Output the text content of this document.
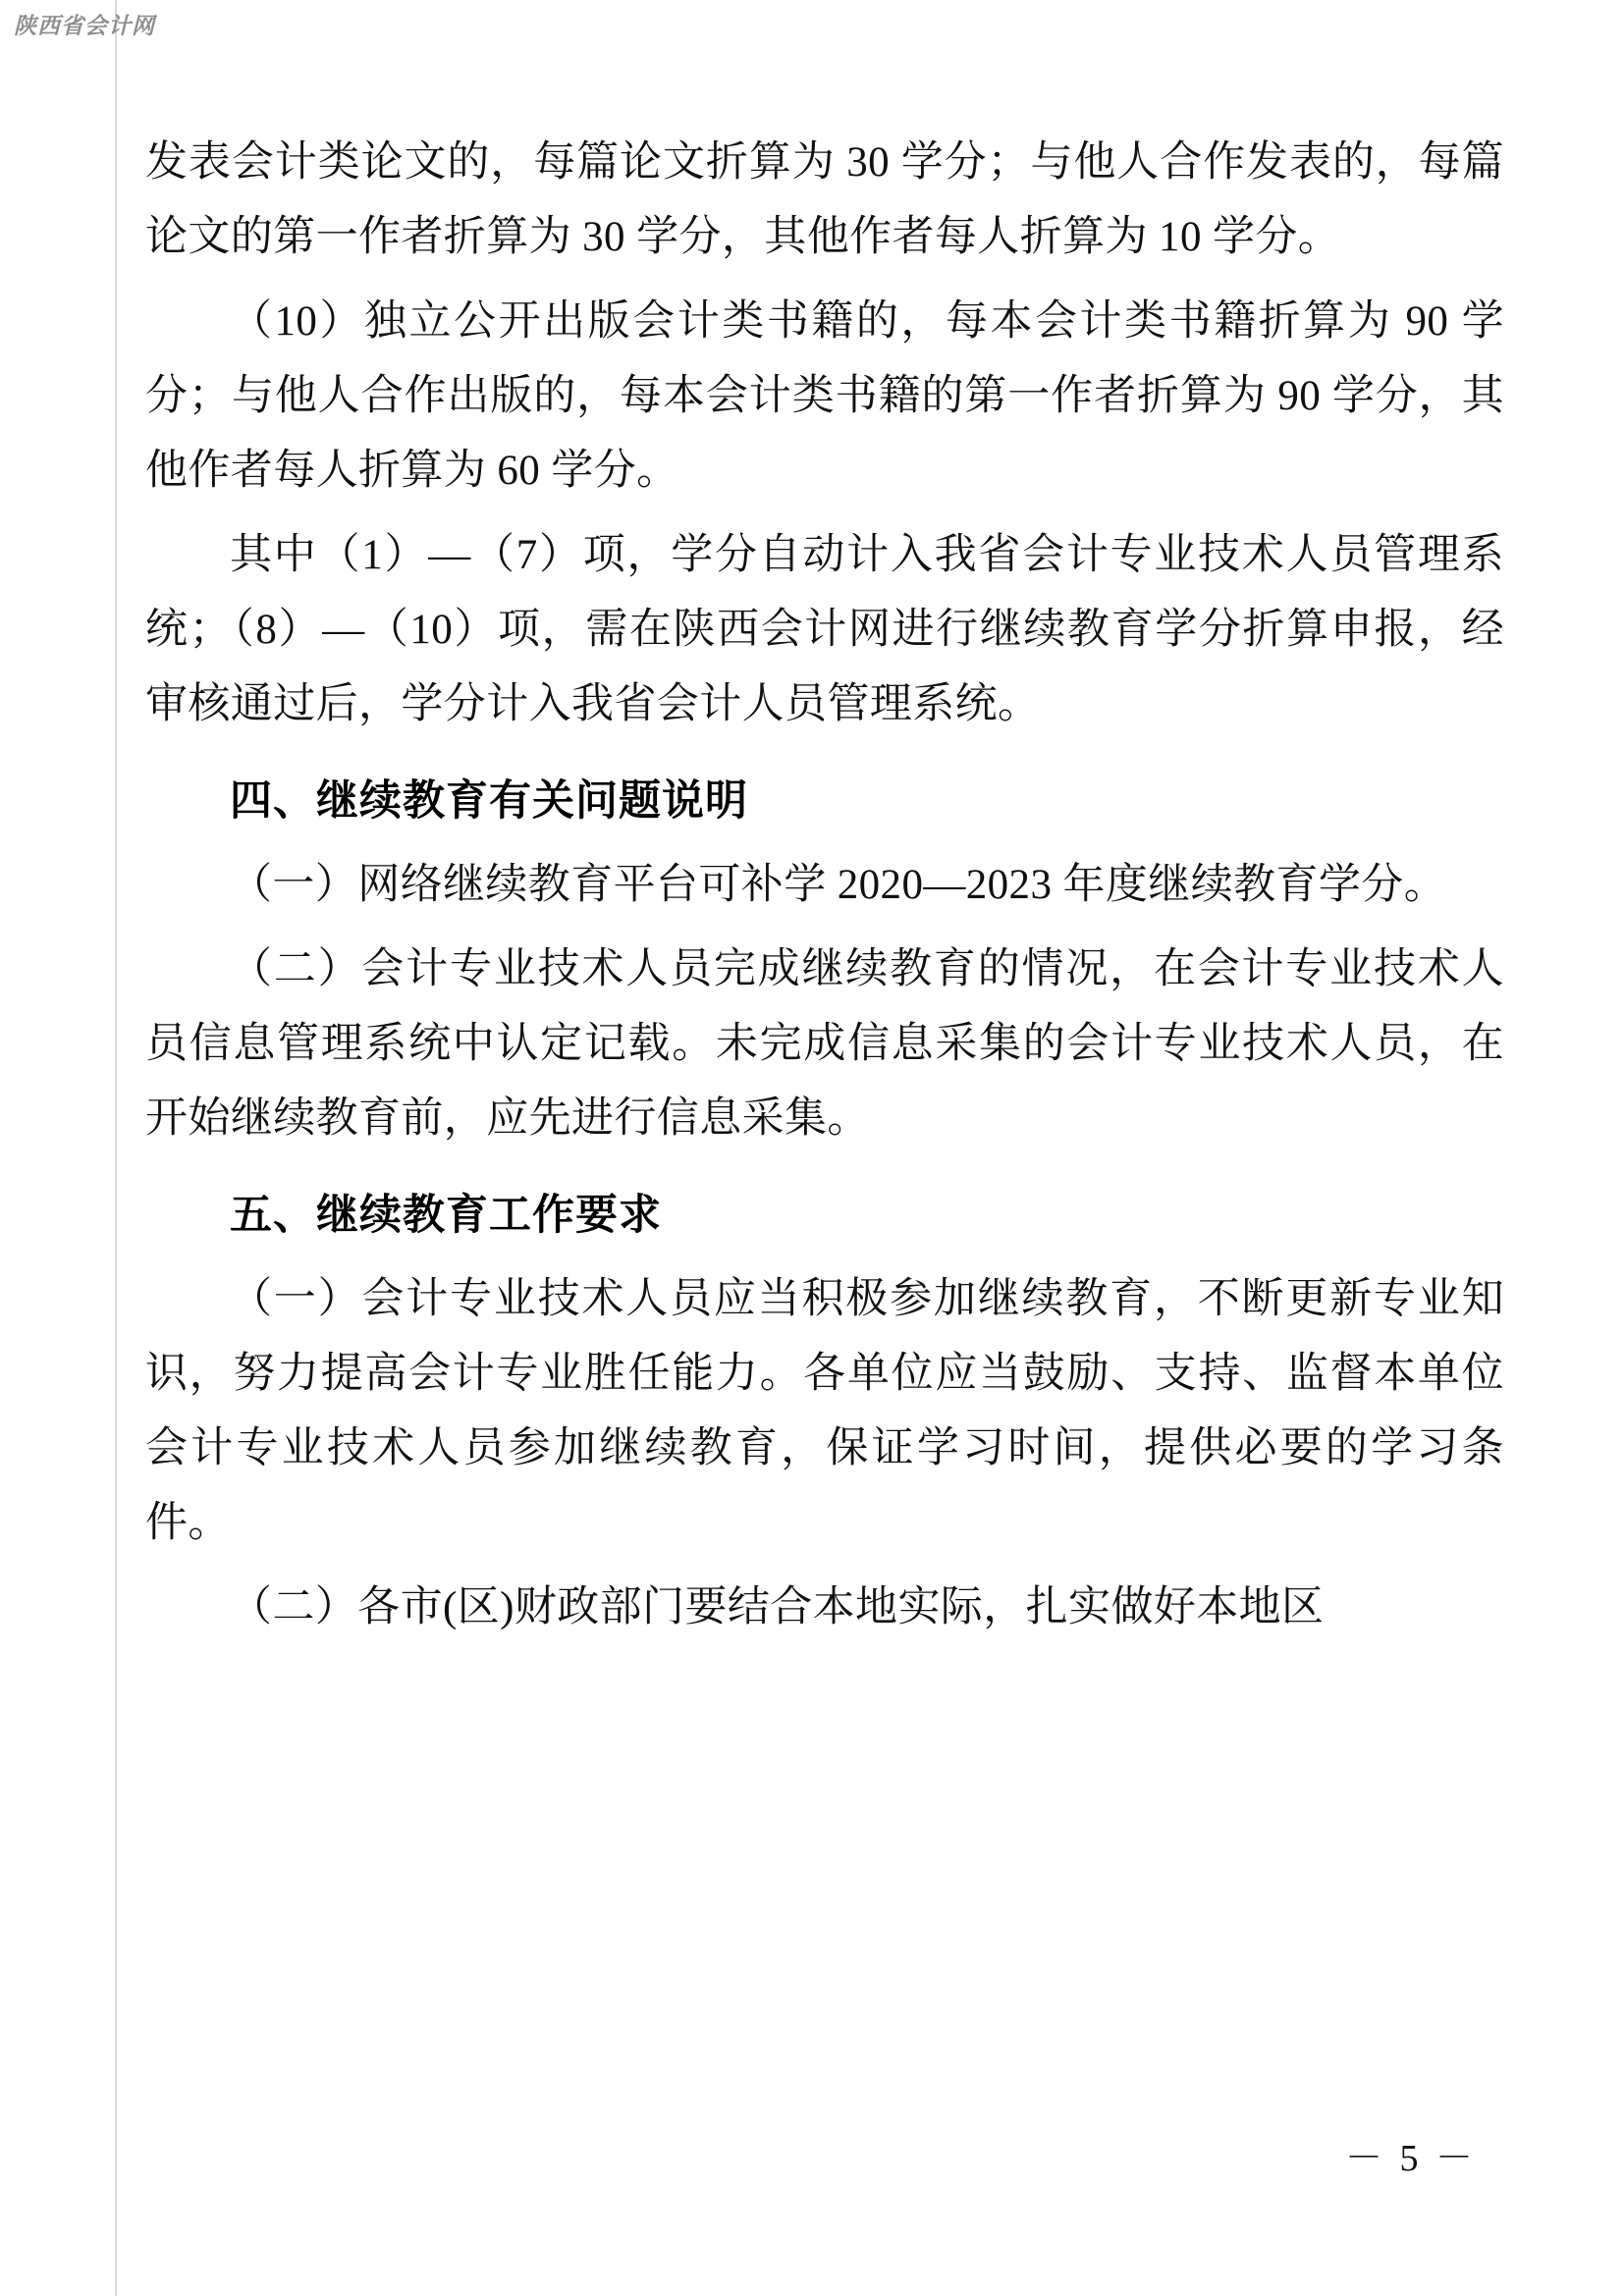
陕西省会计网

发表会计类论文的，每篇论文折算为 30 学分；与他人合作发表的，每篇论文的第一作者折算为 30 学分，其他作者每人折算为 10 学分。

（10）独立公开出版会计类书籍的，每本会计类书籍折算为 90 学分；与他人合作出版的，每本会计类书籍的第一作者折算为 90 学分，其他作者每人折算为 60 学分。

其中（1）—（7）项，学分自动计入我省会计专业技术人员管理系统；（8）—（10）项，需在陕西会计网进行继续教育学分折算申报，经审核通过后，学分计入我省会计人员管理系统。

四、继续教育有关问题说明

（一）网络继续教育平台可补学 2020—2023 年度继续教育学分。

（二）会计专业技术人员完成继续教育的情况，在会计专业技术人员信息管理系统中认定记载。未完成信息采集的会计专业技术人员，在开始继续教育前，应先进行信息采集。

五、继续教育工作要求

（一）会计专业技术人员应当积极参加继续教育，不断更新专业知识，努力提高会计专业胜任能力。各单位应当鼓励、支持、监督本单位会计专业技术人员参加继续教育，保证学习时间，提供必要的学习条件。

（二）各市(区)财政部门要结合本地实际，扎实做好本地区

－ 5 －
